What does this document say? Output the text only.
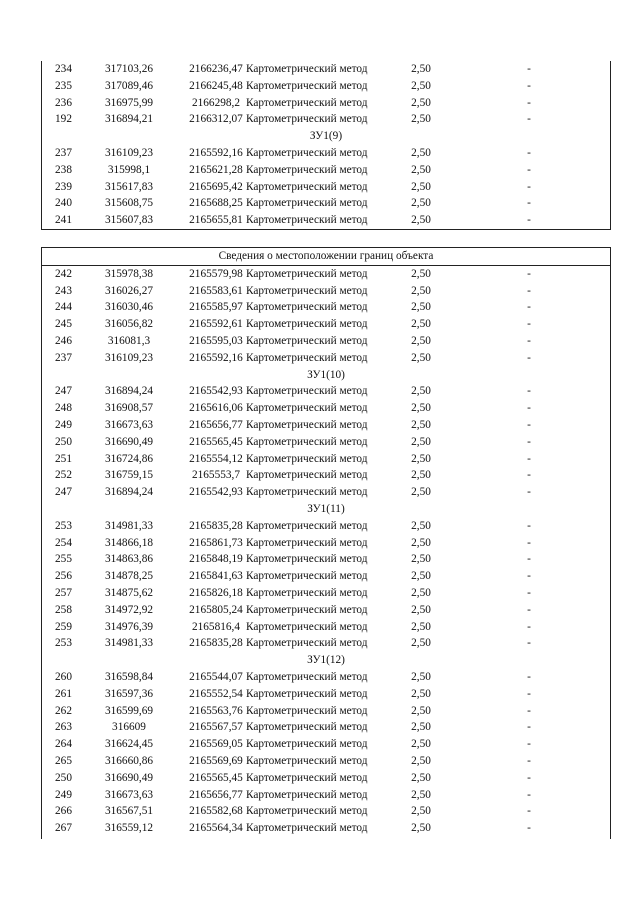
234	317103,26	2166236,47 Картометрический метод	2,50	-
235	317089,46	2166245,48 Картометрический метод	2,50	-
236	316975,99	2166298,2 Картометрический метод	2,50	-
192	316894,21	2166312,07 Картометрический метод	2,50	-
ЗУ1(9)
237	316109,23	2165592,16 Картометрический метод	2,50	-
238	315998,1	2165621,28 Картометрический метод	2,50	-
239	315617,83	2165695,42 Картометрический метод	2,50	-
240	315608,75	2165688,25 Картометрический метод	2,50	-
241	315607,83	2165655,81 Картометрический метод	2,50	-
Сведения о местоположении границ объекта
242	315978,38	2165579,98 Картометрический метод	2,50	-
243	316026,27	2165583,61 Картометрический метод	2,50	-
244	316030,46	2165585,97 Картометрический метод	2,50	-
245	316056,82	2165592,61 Картометрический метод	2,50	-
246	316081,3	2165595,03 Картометрический метод	2,50	-
237	316109,23	2165592,16 Картометрический метод	2,50	-
ЗУ1(10)
247	316894,24	2165542,93 Картометрический метод	2,50	-
248	316908,57	2165616,06 Картометрический метод	2,50	-
249	316673,63	2165656,77 Картометрический метод	2,50	-
250	316690,49	2165565,45 Картометрический метод	2,50	-
251	316724,86	2165554,12 Картометрический метод	2,50	-
252	316759,15	2165553,7 Картометрический метод	2,50	-
247	316894,24	2165542,93 Картометрический метод	2,50	-
ЗУ1(11)
253	314981,33	2165835,28 Картометрический метод	2,50	-
254	314866,18	2165861,73 Картометрический метод	2,50	-
255	314863,86	2165848,19 Картометрический метод	2,50	-
256	314878,25	2165841,63 Картометрический метод	2,50	-
257	314875,62	2165826,18 Картометрический метод	2,50	-
258	314972,92	2165805,24 Картометрический метод	2,50	-
259	314976,39	2165816,4 Картометрический метод	2,50	-
253	314981,33	2165835,28 Картометрический метод	2,50	-
ЗУ1(12)
260	316598,84	2165544,07 Картометрический метод	2,50	-
261	316597,36	2165552,54 Картометрический метод	2,50	-
262	316599,69	2165563,76 Картометрический метод	2,50	-
263	316609	2165567,57 Картометрический метод	2,50	-
264	316624,45	2165569,05 Картометрический метод	2,50	-
265	316660,86	2165569,69 Картометрический метод	2,50	-
250	316690,49	2165565,45 Картометрический метод	2,50	-
249	316673,63	2165656,77 Картометрический метод	2,50	-
266	316567,51	2165582,68 Картометрический метод	2,50	-
267	316559,12	2165564,34 Картометрический метод	2,50	-
